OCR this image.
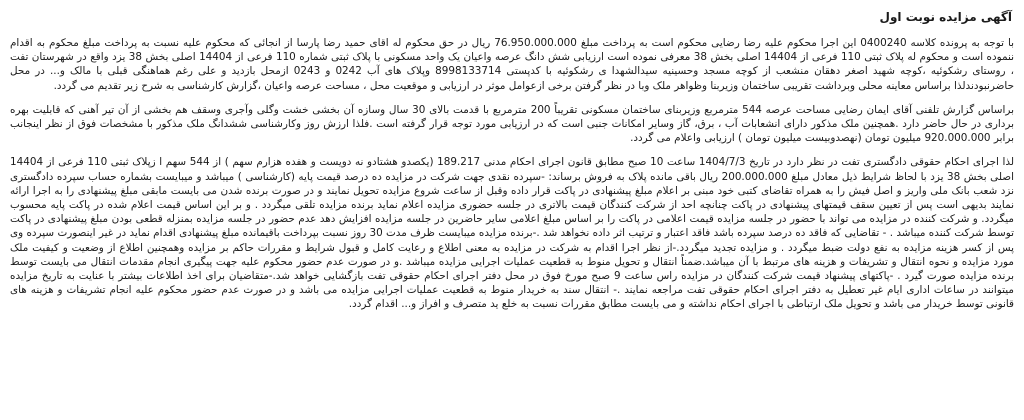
آگهی مزایده نوبت اول

با توجه به پرونده کلاسه 0400240 این اجرا محکوم علیه رضا رضایی محکوم است به پرداخت مبلغ 76.950.000.000 ریال در حق محکوم له اقای حمید رضا پارسا از انجائی که محکوم علیه نسبت به پرداخت مبلغ محکوم به اقدام ننموده است و محکوم له پلاک ثبتی 110 فرعی از 14404 اصلی بخش 38 معرفی نموده است ارزیابی شش دانگ عرصه واعیان یک واحد مسکونی با پلاک ثبتی شماره 110 فرعی از 14404 اصلی بخش 38 یزد واقع در شهرستان تفت ، روستای رشکوئیه ،کوچه شهید اصغر دهقان منشعب از کوچه مسجد وحسینیه سیدالشهدا ی رشکوئیه با کدپستی 8998133714 وپلاک های آب 0242 و 0243 ازمحل بازدید و علی رغم هماهنگی قبلی با مالک و... در محل حاضرنبودندلذا براساس معاینه محلی وبرداشت تقریبی ساختمان وزیربنا وظواهر ملک وبا در نظر گرفتن برخی ازعوامل موثر در ارزیابی و موقعیت محل ، مساحت عرصه واعیان ،گزارش کارشناسی به شرح زیر تقدیم می گردد.

براساس گزارش تلفنی آقای ایمان رضایی مساحت عرصه 544 مترمربع وزیربنای ساختمان مسکونی تقریباً 200 مترمربع با قدمت بالای 30 سال وسازه آن بخشی خشت وگلی وآجری وسقف هم بخشی از آن تیر آهنی که قابلیت بهره برداری در حال حاضر دارد .همچنین ملک مذکور دارای انشعابات آب ، برق، گاز وسایر امکانات جنبی است که در ارزیابی مورد توجه قرار گرفته است .فلذا ارزش روز وکارشناسی ششدانگ ملک مذکور با مشخصات فوق از نظر اینجانب برابر 920.000.000 میلیون تومان (نهصدوبیست میلیون تومان ) ارزیابی واعلام می گردد.

لذا اجرای احکام حقوقی دادگستری تفت در نظر دارد در تاریخ 1404/7/3 ساعت 10 صبح مطابق قانون اجرای احکام مدنی 189.217 (یکصدو هشتادو نه دویست و هفده هزارم سهم ) از 544 سهم ا زپلاک ثبتی 110 فرعی از 14404 اصلی بخش 38 یزد با لحاظ شرایط ذیل معادل مبلغ 200.000.000 ریال باقی مانده پلاک به فروش برساند: -سپرده نقدی جهت شرکت در مزایده ده درصد قیمت پایه (کارشناسی ) میباشد و میبایست بشماره حساب سپرده دادگستری نزد شعب بانک ملی واریز و اصل فیش را به همراه تقاضای کتبی خود مبنی بر اعلام مبلغ پیشنهادی در پاکت قرار داده وقبل از ساعت شروع مزایده تحویل نمایند و در صورت برنده شدن می بایست مابقی مبلغ پیشنهادی را به اجرا ارائه نمایند بدیهی است پس از تعیین سقف قیمتهای پیشنهادی در پاکت چنانچه احد از شرکت کنندگان قیمت بالاتری در جلسه حضوری مزایده اعلام نماید برنده مزایده تلقی میگردد . و بر این اساس قیمت اعلام شده در پاکت پایه محسوب میگردد. و شرکت کننده در مزایده می تواند با حضور در جلسه مزایده قیمت اعلامی در پاکت را بر اساس مبلغ اعلامی سایر حاضرین در جلسه مزایده افزایش دهد عدم حضور در جلسه مزایده بمنزله قطعی بودن مبلغ پیشنهادی در پاکت توسط شرکت کننده میباشد . - تقاضایی که فاقد ده درصد سپرده باشد فاقد اعتبار و ترتیب اثر داده نخواهد شد .-برنده مزایده میبایست ظرف مدت 30 روز نسبت بپرداخت باقیمانده مبلغ پیشنهادی اقدام نماید در غیر اینصورت سپرده وی پس از کسر هزینه مزایده به نفع دولت ضبط میگردد . و مزایده تجدید میگردد.-از نظر اجرا اقدام به شرکت در مزایده به معنی اطلاع و رعایت کامل و قبول شرایط و مقررات حاکم بر مزایده وهمچنین اطلاع از وضعیت و کیفیت ملک مورد مزایده و نحوه انتقال و تشریفات و هزینه های مرتبط با آن میباشد.ضمناً انتقال و تحویل منوط به قطعیت عملیات اجرایی مزایده میباشد .و در صورت عدم حضور محکوم علیه جهت پیگیری انجام مقدمات انتقال می بایست توسط برنده مزایده صورت گیرد . -پاکتهای پیشنهاد قیمت شرکت کنندگان در مزایده راس ساعت 9 صبح مورخ فوق در محل دفتر اجرای احکام حقوقی تفت بازگشایی خواهد شد.-متقاضیان برای اخذ اطلاعات بیشتر با عنایت به تاریخ مزایده میتوانند در ساعات اداری ایام غیر تعطیل به دفتر اجرای احکام حقوقی تفت مراجعه نمایند .- انتقال سند به خریدار منوط به قطعیت عملیات اجرایی مزایده می باشد و در صورت عدم حضور محکوم علیه انجام تشریفات و هزینه های قانونی توسط خریدار می باشد و تحویل ملک ارتباطی با اجرای احکام نداشته و می بایست مطابق مقررات نسبت به خلع ید متصرف و افراز و... اقدام گردد.
